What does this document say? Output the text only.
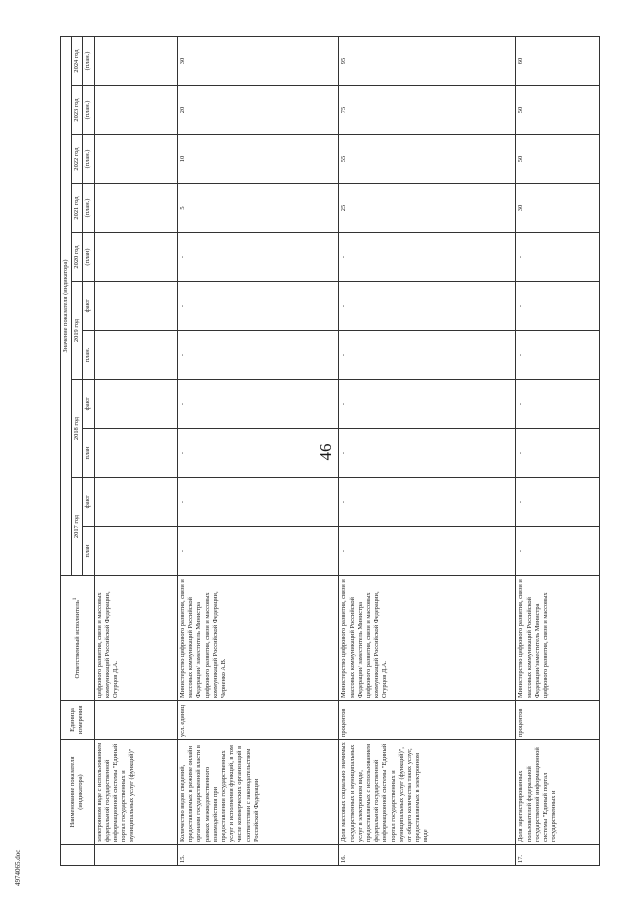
46
4974065.doc
	Наименование показателя (индикатора)	Единица измерения	Ответственный исполнитель$^1$	Значение показателя (индикатора)										
				2017 год		2018 год		2019 год		2020 год	2021 год	2022 год	2023 год	2024 год
				план	факт	план	факт	план.	факт	(план)	(план.)	(план.)	(план.)	(план.)
	электронном виде с использованием федеральной государственной информационной системы "Единый портал государственных и муниципальных услуг (функций)"		цифрового развития, связи и массовых коммуникаций Российской Федерации, Огурцов Д.А.											
15.	Количество видов сведений, предоставляемых в режиме онлайн органами государственной власти в рамках межведомственного взаимодействия при предоставлении государственных услуг и исполнения функций, в том числе коммерческих организаций в соответствии с законодательством Российской Федерации	усл. единиц	Министерство цифрового развития, связи и массовых коммуникаций Российской Федерации/ заместитель Министра цифрового развития, связи и массовых коммуникаций Российской Федерации, Черненко А.В.	-	-	-	-	-	-	-	5	10	20	30
16.	Доля массовых социально значимых государственных и муниципальных услуг в электронном виде, предоставляемых с использованием федеральной государственной информационной системы "Единый портал государственных и муниципальных услуг (функций)", от общего количества таких услуг, предоставляемых в электронном виде	процентов	Министерство цифрового развития, связи и массовых коммуникаций Российской Федерации/ заместитель Министра цифрового развития, связи и массовых коммуникаций Российской Федерации, Огурцов Д.А.	-	-	-	-	-	-	-	25	55	75	95
17.	Доля зарегистрированных пользователей федеральной государственной информационной системы "Единый портал государственных и	процентов	Министерство цифрового развития, связи и массовых коммуникаций Российской Федерации/заместитель Министра цифрового развития, связи и массовых	-	-	-	-	-	-	-	30	50	50	60
